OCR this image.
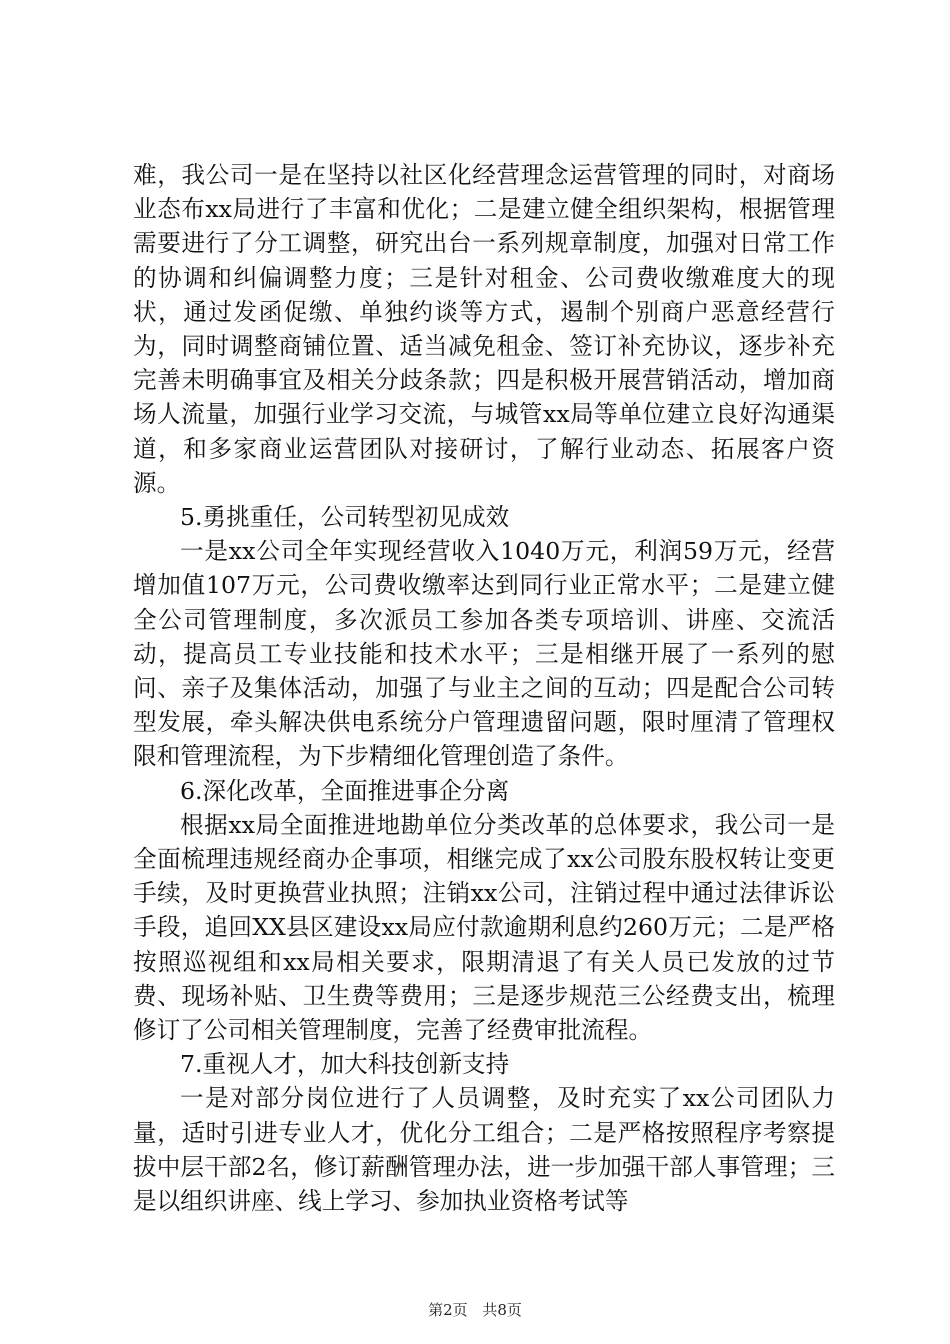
难，我公司一是在坚持以社区化经营理念运营管理的同时，对商场业态布xx局进行了丰富和优化；二是建立健全组织架构，根据管理需要进行了分工调整，研究出台一系列规章制度，加强对日常工作的协调和纠偏调整力度；三是针对租金、公司费收缴难度大的现状，通过发函促缴、单独约谈等方式，遏制个别商户恶意经营行为，同时调整商铺位置、适当减免租金、签订补充协议，逐步补充完善未明确事宜及相关分歧条款；四是积极开展营销活动，增加商场人流量，加强行业学习交流，与城管xx局等单位建立良好沟通渠道，和多家商业运营团队对接研讨，了解行业动态、拓展客户资源。

5.勇挑重任，公司转型初见成效

一是xx公司全年实现经营收入1040万元，利润59万元，经营增加值107万元，公司费收缴率达到同行业正常水平；二是建立健全公司管理制度，多次派员工参加各类专项培训、讲座、交流活动，提高员工专业技能和技术水平；三是相继开展了一系列的慰问、亲子及集体活动，加强了与业主之间的互动；四是配合公司转型发展，牵头解决供电系统分户管理遗留问题，限时厘清了管理权限和管理流程，为下步精细化管理创造了条件。

6.深化改革，全面推进事企分离

根据xx局全面推进地勘单位分类改革的总体要求，我公司一是全面梳理违规经商办企事项，相继完成了xx公司股东股权转让变更手续，及时更换营业执照；注销xx公司，注销过程中通过法律诉讼手段，追回XX县区建设xx局应付款逾期利息约260万元；二是严格按照巡视组和xx局相关要求，限期清退了有关人员已发放的过节费、现场补贴、卫生费等费用；三是逐步规范三公经费支出，梳理修订了公司相关管理制度，完善了经费审批流程。

7.重视人才，加大科技创新支持

一是对部分岗位进行了人员调整，及时充实了xx公司团队力量，适时引进专业人才，优化分工组合；二是严格按照程序考察提拔中层干部2名，修订薪酬管理办法，进一步加强干部人事管理；三是以组织讲座、线上学习、参加执业资格考试等

第2页 共8页
